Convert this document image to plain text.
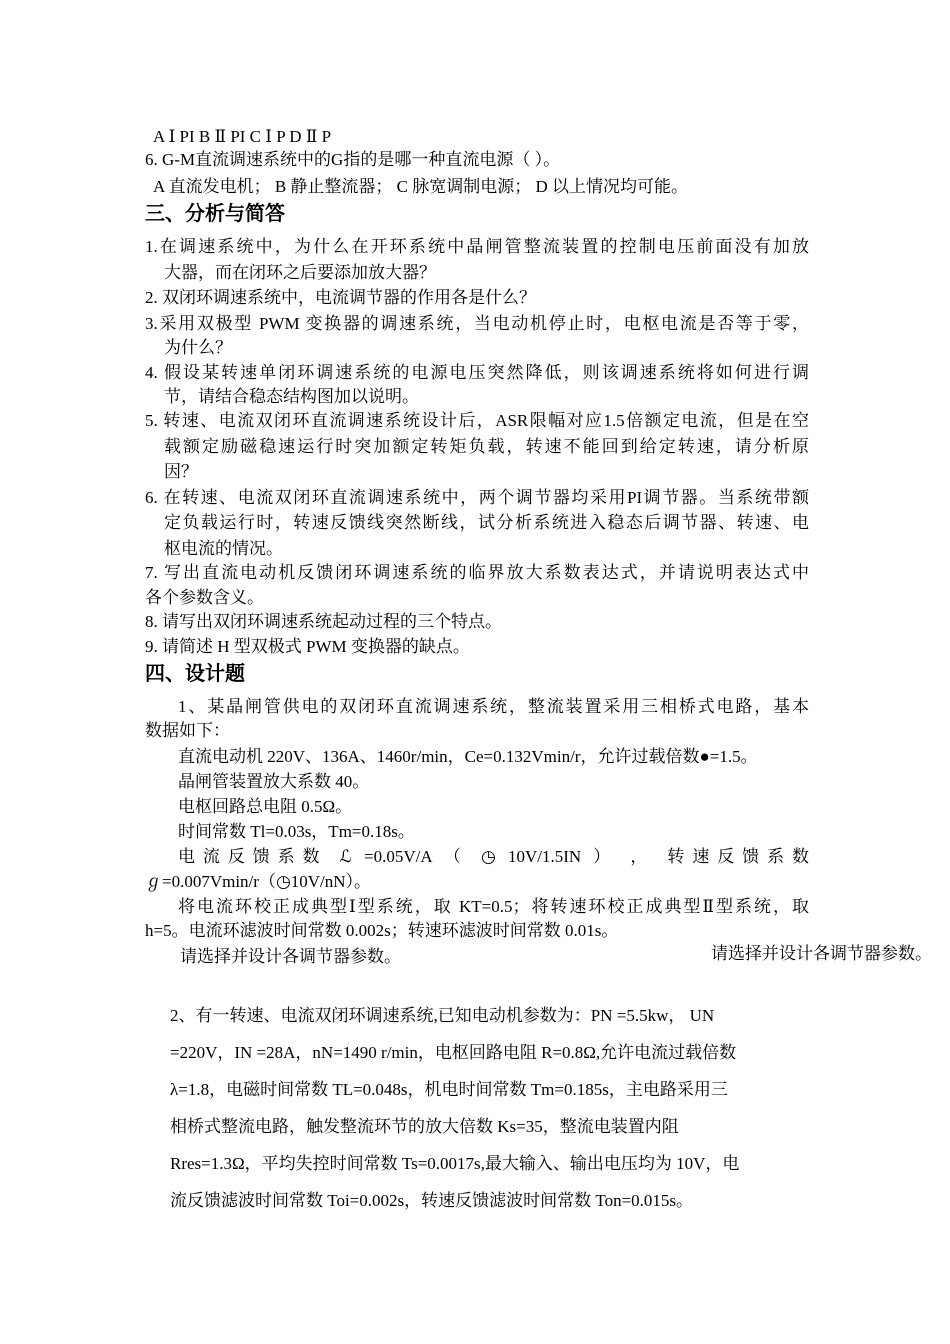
A Ⅰ PI B Ⅱ PI C Ⅰ P D Ⅱ P
6. G-M直流调速系统中的G指的是哪一种直流电源（ ）。
A 直流发电机； B 静止整流器； C 脉宽调制电源； D 以上情况均可能。
三、分析与简答
1.在调速系统中，为什么在开环系统中晶闸管整流装置的控制电压前面没有加放
大器，而在闭环之后要添加放大器？
2. 双闭环调速系统中，电流调节器的作用各是什么？
3.采用双极型 PWM 变换器的调速系统，当电动机停止时，电枢电流是否等于零，
为什么？
4. 假设某转速单闭环调速系统的电源电压突然降低，则该调速系统将如何进行调
节，请结合稳态结构图加以说明。
5. 转速、电流双闭环直流调速系统设计后，ASR限幅对应1.5倍额定电流，但是在空
载额定励磁稳速运行时突加额定转矩负载，转速不能回到给定转速，请分析原
因？
6. 在转速、电流双闭环直流调速系统中，两个调节器均采用PI调节器。当系统带额
定负载运行时，转速反馈线突然断线，试分析系统进入稳态后调节器、转速、电
枢电流的情况。
7. 写出直流电动机反馈闭环调速系统的临界放大系数表达式，并请说明表达式中
各个参数含义。
8. 请写出双闭环调速系统起动过程的三个特点。
9. 请简述 H 型双极式 PWM 变换器的缺点。
四、设计题
1、某晶闸管供电的双闭环直流调速系统，整流装置采用三相桥式电路，基本
数据如下：
直流电动机 220V、136A、1460r/min，Ce=0.132Vmin/r，允许过载倍数●=1.5。
晶闸管装置放大系数 40。
电枢回路总电阻 0.5Ω。
时间常数 Tl=0.03s，Tm=0.18s。
电流反馈系数 ℒ =0.05V/A （ ◷ 10V/1.5IN ） ， 转速反馈系数
ℊ=0.007Vmin/r（◷10V/nN）。
将电流环校正成典型Ⅰ型系统，取 KT=0.5；将转速环校正成典型Ⅱ型系统，取
h=5。电流环滤波时间常数 0.002s；转速环滤波时间常数 0.01s。
请选择并设计各调节器参数。	请选择并设计各调节器参数。
2、有一转速、电流双闭环调速系统,已知电动机参数为：PN =5.5kw， UN
=220V，IN =28A，nN=1490 r/min，电枢回路电阻 R=0.8Ω,允许电流过载倍数
λ=1.8，电磁时间常数 TL=0.048s，机电时间常数 Tm=0.185s，主电路采用三
相桥式整流电路，触发整流环节的放大倍数 Ks=35，整流电装置内阻
Rres=1.3Ω，平均失控时间常数 Ts=0.0017s,最大输入、输出电压均为 10V，电
流反馈滤波时间常数 Toi=0.002s，转速反馈滤波时间常数 Ton=0.015s。
